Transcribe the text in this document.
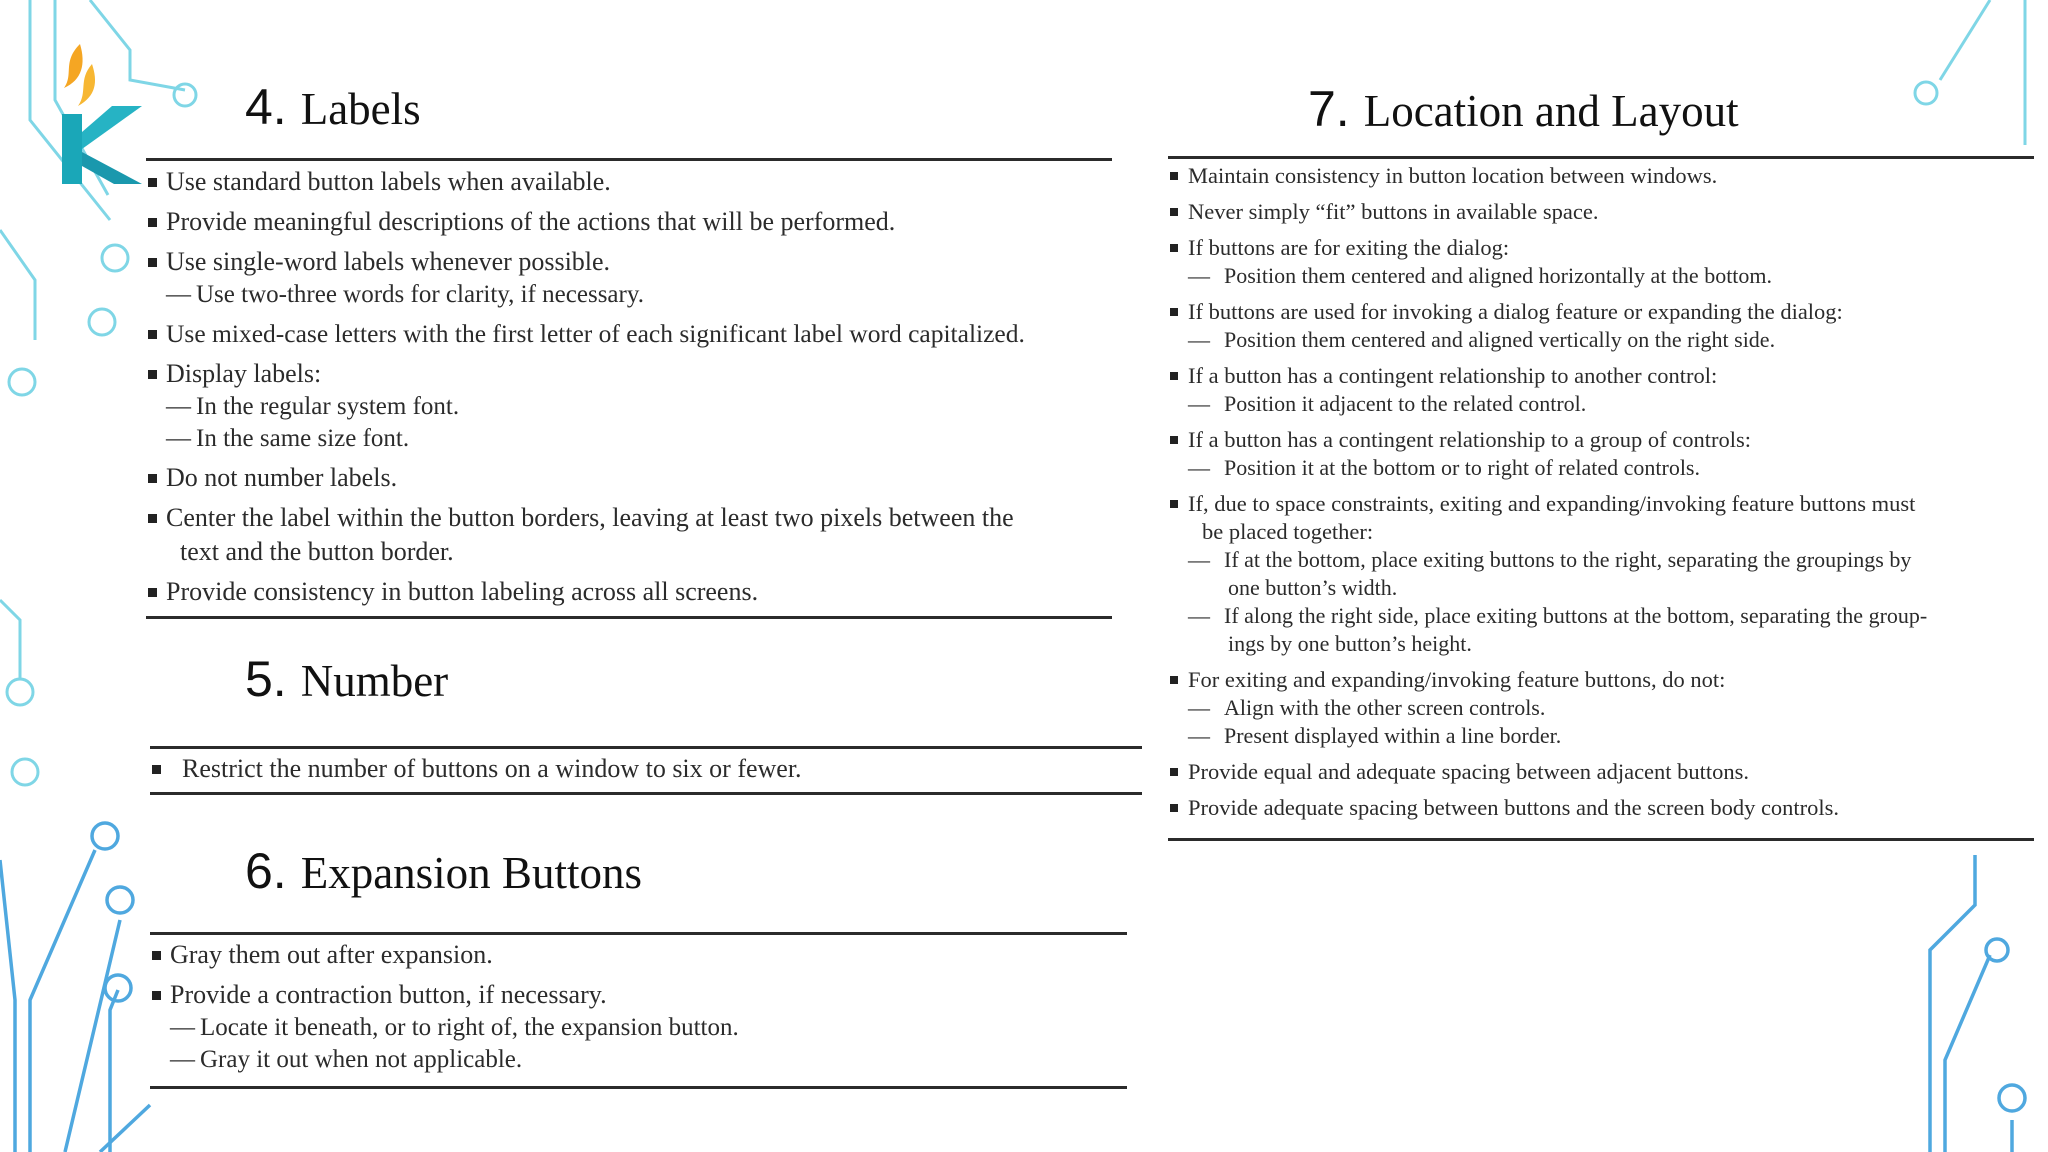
4. Labels
Use standard button labels when available.
Provide meaningful descriptions of the actions that will be performed.
Use single-word labels whenever possible.
— Use two-three words for clarity, if necessary.
Use mixed-case letters with the first letter of each significant label word capitalized.
Display labels:
— In the regular system font.
— In the same size font.
Do not number labels.
Center the label within the button borders, leaving at least two pixels between the
text and the button border.
Provide consistency in button labeling across all screens.
5. Number
Restrict the number of buttons on a window to six or fewer.
6. Expansion Buttons
Gray them out after expansion.
Provide a contraction button, if necessary.
— Locate it beneath, or to right of, the expansion button.
— Gray it out when not applicable.
7. Location and Layout
Maintain consistency in button location between windows.
Never simply “fit” buttons in available space.
If buttons are for exiting the dialog:
— Position them centered and aligned horizontally at the bottom.
If buttons are used for invoking a dialog feature or expanding the dialog:
— Position them centered and aligned vertically on the right side.
If a button has a contingent relationship to another control:
— Position it adjacent to the related control.
If a button has a contingent relationship to a group of controls:
— Position it at the bottom or to right of related controls.
If, due to space constraints, exiting and expanding/invoking feature buttons must
be placed together:
— If at the bottom, place exiting buttons to the right, separating the groupings by
one button’s width.
— If along the right side, place exiting buttons at the bottom, separating the group-
ings by one button’s height.
For exiting and expanding/invoking feature buttons, do not:
— Align with the other screen controls.
— Present displayed within a line border.
Provide equal and adequate spacing between adjacent buttons.
Provide adequate spacing between buttons and the screen body controls.
